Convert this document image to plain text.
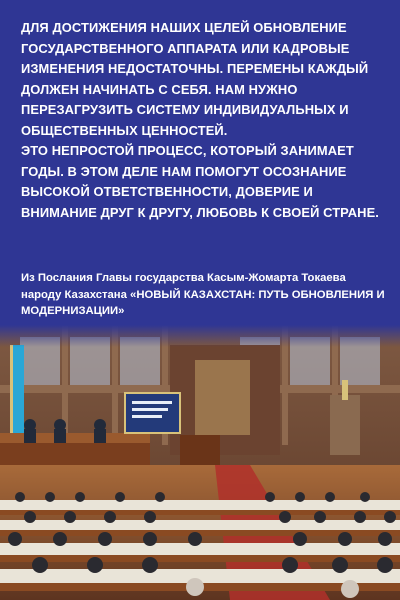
ДЛЯ ДОСТИЖЕНИЯ НАШИХ ЦЕЛЕЙ ОБНОВЛЕНИЕ ГОСУДАРСТВЕННОГО АППАРАТА ИЛИ КАДРОВЫЕ ИЗМЕНЕНИЯ НЕДОСТАТОЧНЫ. ПЕРЕМЕНЫ КАЖДЫЙ ДОЛЖЕН НАЧИНАТЬ С СЕБЯ. НАМ НУЖНО ПЕРЕЗАГРУЗИТЬ СИСТЕМУ ИНДИВИДУАЛЬНЫХ И ОБЩЕСТВЕННЫХ ЦЕННОСТЕЙ.

ЭТО НЕПРОСТОЙ ПРОЦЕСС, КОТОРЫЙ ЗАНИМАЕТ ГОДЫ. В ЭТОМ ДЕЛЕ НАМ ПОМОГУТ ОСОЗНАНИЕ ВЫСОКОЙ ОТВЕТСТВЕННОСТИ, ДОВЕРИЕ И ВНИМАНИЕ ДРУГ К ДРУГУ, ЛЮБОВЬ К СВОЕЙ СТРАНЕ.

Из Послания Главы государства Касым-Жомарта Токаева народу Казахстана «НОВЫЙ КАЗАХСТАН: ПУТЬ ОБНОВЛЕНИЯ И МОДЕРНИЗАЦИИ»
